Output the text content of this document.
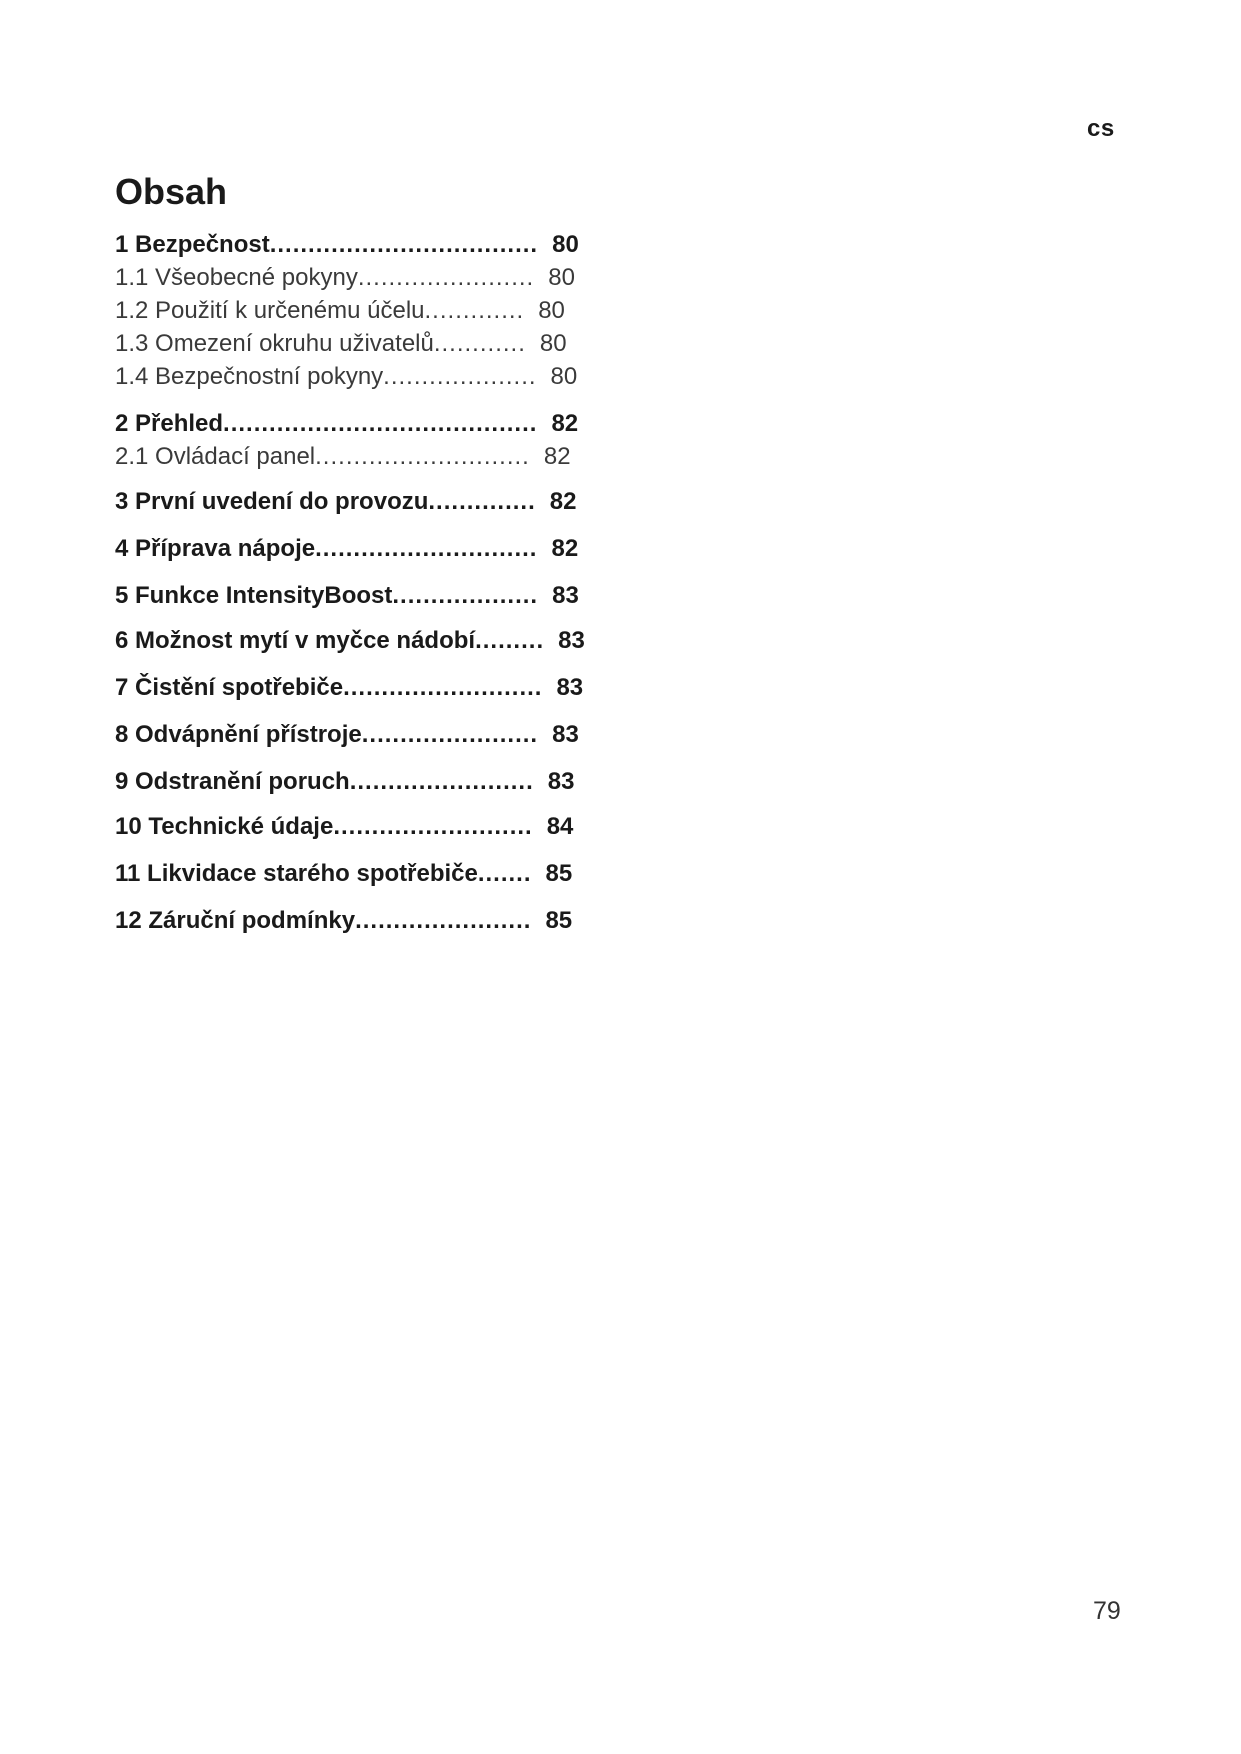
cs
Obsah
1 Bezpečnost ................................... 80
1.1 Všeobecné pokyny ....................... 80
1.2 Použití k určenému účelu ............. 80
1.3 Omezení okruhu uživatelů ............ 80
1.4 Bezpečnostní pokyny .................... 80
2 Přehled ......................................... 82
2.1 Ovládací panel ............................ 82
3 První uvedení do provozu .............. 82
4 Příprava nápoje ............................. 82
5 Funkce IntensityBoost ................... 83
6 Možnost mytí v myčce nádobí ......... 83
7 Čistění spotřebiče .......................... 83
8 Odvápnění přístroje ....................... 83
9 Odstranění poruch ........................ 83
10 Technické údaje .......................... 84
11 Likvidace starého spotřebiče ....... 85
12 Záruční podmínky ....................... 85
79
